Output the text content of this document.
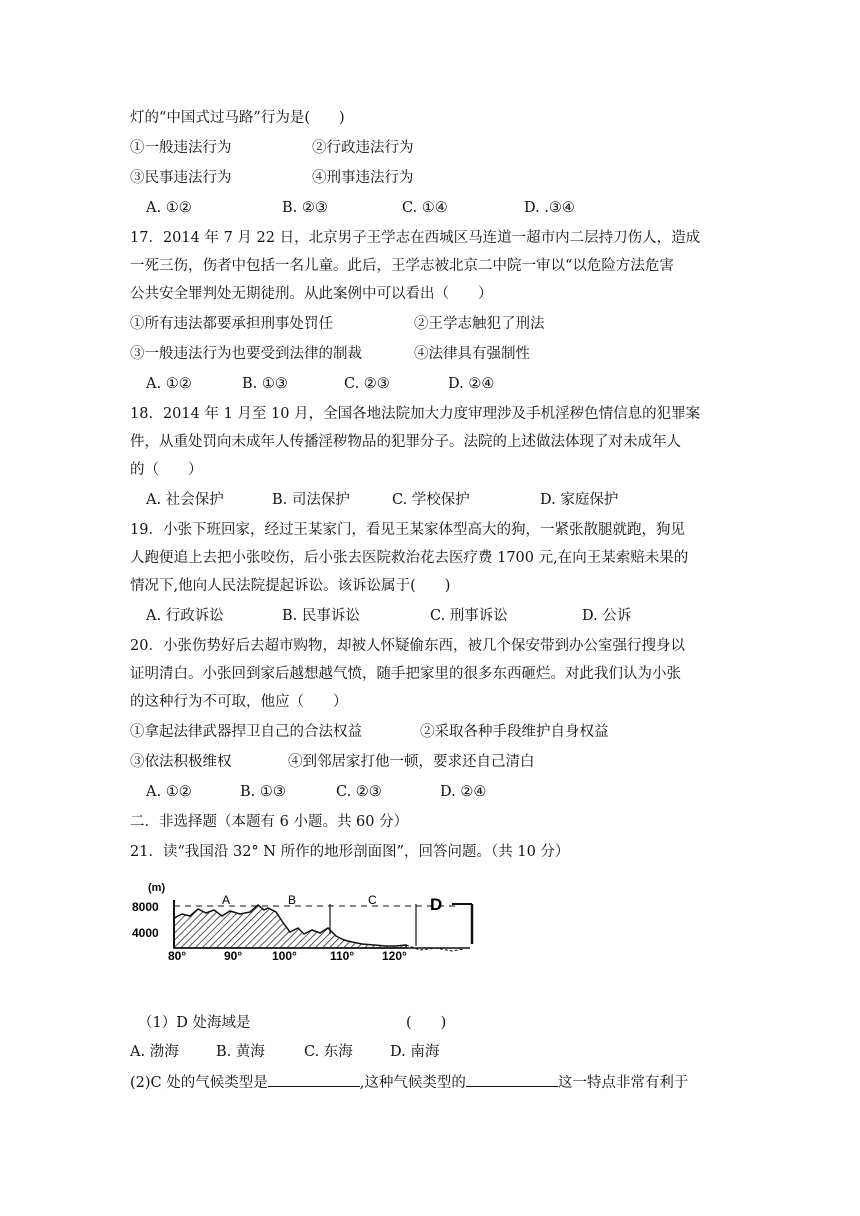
灯的“中国式过马路”行为是(　　)
①一般违法行为	②行政违法行为
③民事违法行为	④刑事违法行为
A. ①②	B. ②③	C. ①④	D. .③④
17．2014 年 7 月 22 日，北京男子王学志在西城区马连道一超市内二层持刀伤人，造成
一死三伤，伤者中包括一名儿童。此后，王学志被北京二中院一审以“以危险方法危害
公共安全罪判处无期徒刑。从此案例中可以看出（　　）
①所有违法都要承担刑事处罚任	②王学志触犯了刑法
③一般违法行为也要受到法律的制裁	④法律具有强制性
A. ①②	B. ①③	C. ②③	D. ②④
18．2014 年 1 月至 10 月，全国各地法院加大力度审理涉及手机淫秽色情信息的犯罪案
件，从重处罚向未成年人传播淫秽物品的犯罪分子。法院的上述做法体现了对未成年人
的（　　）
A. 社会保护	B. 司法保护	C. 学校保护	D. 家庭保护
19．小张下班回家，经过王某家门，看见王某家体型高大的狗，一紧张散腿就跑，狗见
人跑便追上去把小张咬伤，后小张去医院救治花去医疗费 1700 元,在向王某索赔未果的
情况下,他向人民法院提起诉讼。该诉讼属于(　　)
A. 行政诉讼	B. 民事诉讼	C. 刑事诉讼	D. 公诉
20．小张伤势好后去超市购物，却被人怀疑偷东西，被几个保安带到办公室强行搜身以
证明清白。小张回到家后越想越气愤，随手把家里的很多东西砸烂。对此我们认为小张
的这种行为不可取，他应（　　）
①拿起法律武器捍卫自己的合法权益	②采取各种手段维护自身权益
③依法积极维权	④到邻居家打他一顿，要求还自己清白
A. ①②	B. ①③	C. ②③	D. ②④
二．非选择题（本题有 6 小题。共 60 分）
21．读“我国沿 32° N 所作的地形剖面图”，回答问题。（共 10 分）
(m)
8000
4000
A	B	C	D
80°	90° 100°	110° 120°
（1）D 处海域是	(　　)
A. 渤海	B. 黄海	C. 东海	D. 南海
(2)C 处的气候类型是	,这种气候类型的	这一特点非常有利于
